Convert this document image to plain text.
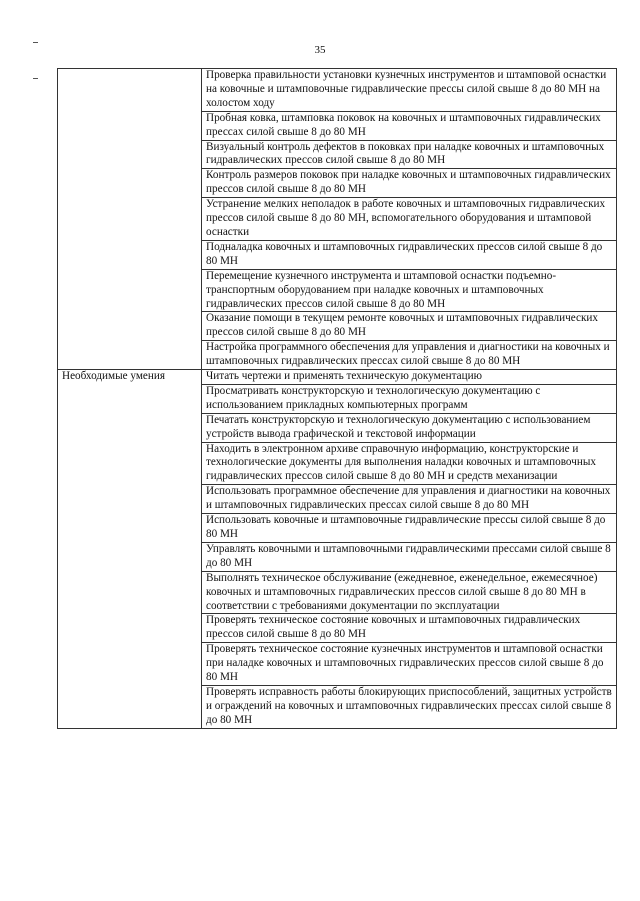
35
Проверка правильности установки кузнечных инструментов и штамповой оснастки на ковочные и штамповочные гидравлические прессы силой свыше 8 до 80 МН на холостом ходу
Пробная ковка, штамповка поковок на ковочных и штамповочных гидравлических прессах силой свыше 8 до 80 МН
Визуальный контроль дефектов в поковках при наладке ковочных и штамповочных гидравлических прессов силой свыше 8 до 80 МН
Контроль размеров поковок при наладке ковочных и штамповочных гидравлических прессов силой свыше 8 до 80 МН
Устранение мелких неполадок в работе ковочных и штамповочных гидравлических прессов силой свыше 8 до 80 МН, вспомогательного оборудования и штамповой оснастки
Подналадка ковочных и штамповочных гидравлических прессов силой свыше 8 до 80 МН
Перемещение кузнечного инструмента и штамповой оснастки подъемно-транспортным оборудованием при наладке ковочных и штамповочных гидравлических прессов силой свыше 8 до 80 МН
Оказание помощи в текущем ремонте ковочных и штамповочных гидравлических прессов силой свыше 8 до 80 МН
Настройка программного обеспечения для управления и диагностики на ковочных и штамповочных гидравлических прессах силой свыше 8 до 80 МН
Необходимые умения	Читать чертежи и применять техническую документацию
Просматривать конструкторскую и технологическую документацию с использованием прикладных компьютерных программ
Печатать конструкторскую и технологическую документацию с использованием устройств вывода графической и текстовой информации
Находить в электронном архиве справочную информацию, конструкторские и технологические документы для выполнения наладки ковочных и штамповочных гидравлических прессов силой свыше 8 до 80 МН и средств механизации
Использовать программное обеспечение для управления и диагностики на ковочных и штамповочных гидравлических прессах силой свыше 8 до 80 МН
Использовать ковочные и штамповочные гидравлические прессы силой свыше 8 до 80 МН
Управлять ковочными и штамповочными гидравлическими прессами силой свыше 8 до 80 МН
Выполнять техническое обслуживание (ежедневное, еженедельное, ежемесячное) ковочных и штамповочных гидравлических прессов силой свыше 8 до 80 МН в соответствии с требованиями документации по эксплуатации
Проверять техническое состояние ковочных и штамповочных гидравлических прессов силой свыше 8 до 80 МН
Проверять техническое состояние кузнечных инструментов и штамповой оснастки при наладке ковочных и штамповочных гидравлических прессов силой свыше 8 до 80 МН
Проверять исправность работы блокирующих приспособлений, защитных устройств и ограждений на ковочных и штамповочных гидравлических прессах силой свыше 8 до 80 МН
